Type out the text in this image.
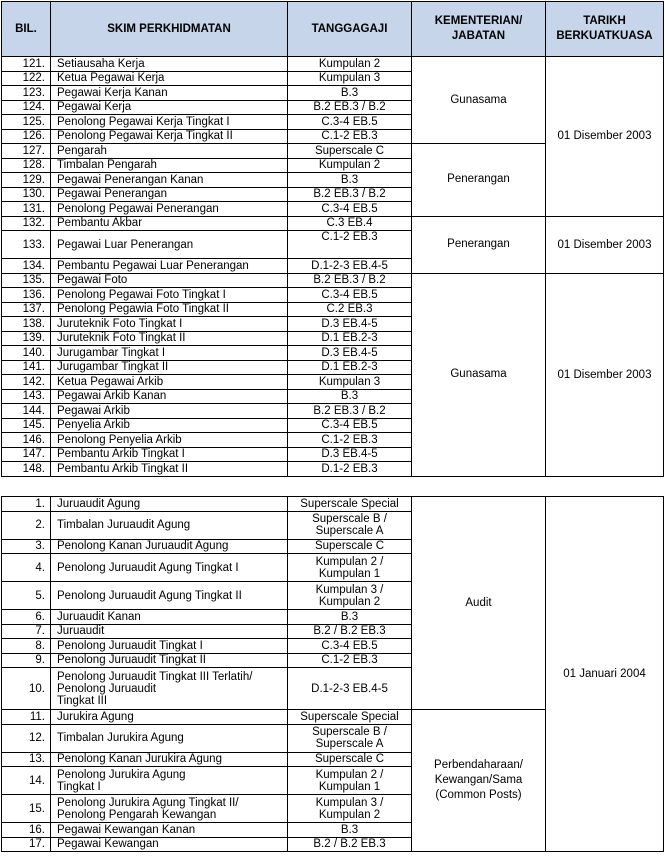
BIL.	SKIM PERKHIDMATAN	TANGGAGAJI	KEMENTERIAN/
JABATAN	TARIKH
BERKUATKUASA
121.	Setiausaha Kerja	Kumpulan 2	Gunasama	01 Disember 2003
122.	Ketua Pegawai Kerja	Kumpulan 3		
123.	Pegawai Kerja Kanan	B.3		
124.	Pegawai Kerja	B.2 EB.3 / B.2		
125.	Penolong Pegawai Kerja Tingkat I	C.3-4 EB.5		
126.	Penolong Pegawai Kerja Tingkat II	C.1-2 EB.3		
127.	Pengarah	Superscale C	Penerangan	
128.	Timbalan Pengarah	Kumpulan 2		
129.	Pegawai Penerangan Kanan	B.3		
130.	Pegawai Penerangan	B.2 EB.3 / B.2		
131.	Penolong Pegawai Penerangan	C.3-4 EB.5		
132.	Pembantu Akbar	C.3 EB.4	Penerangan	01 Disember 2003
133.	Pegawai Luar Penerangan	C.1-2 EB.3		
134.	Pembantu Pegawai Luar Penerangan	D.1-2-3 EB.4-5		
135.	Pegawai Foto	B.2 EB.3 / B.2	Gunasama	01 Disember 2003
136.	Penolong Pegawai Foto Tingkat I	C.3-4 EB.5		
137.	Penolong Pegawia Foto Tingkat II	C.2 EB.3		
138.	Juruteknik Foto Tingkat I	D.3 EB.4-5		
139.	Juruteknik Foto Tingkat II	D.1 EB.2-3		
140.	Jurugambar Tingkat I	D.3 EB.4-5		
141.	Jurugambar Tingkat II	D.1 EB.2-3		
142.	Ketua Pegawai Arkib	Kumpulan 3		
143.	Pegawai Arkib Kanan	B.3		
144.	Pegawai Arkib	B.2 EB.3 / B.2		
145.	Penyelia Arkib	C.3-4 EB.5		
146.	Penolong Penyelia Arkib	C.1-2 EB.3		
147.	Pembantu Arkib Tingkat I	D.3 EB.4-5		
148.	Pembantu Arkib Tingkat II	D.1-2 EB.3		
1.	Juruaudit Agung	Superscale Special	Audit	01 Januari 2004
2.	Timbalan Juruaudit Agung	Superscale B /
Superscale A		
3.	Penolong Kanan Juruaudit Agung	Superscale C		
4.	Penolong Juruaudit Agung Tingkat I	Kumpulan 2 /
Kumpulan 1		
5.	Penolong Juruaudit Agung Tingkat II	Kumpulan 3 /
Kumpulan 2		
6.	Juruaudit Kanan	B.3		
7.	Juruaudit	B.2 / B.2 EB.3		
8.	Penolong Juruaudit Tingkat I	C.3-4 EB.5		
9.	Penolong Juruaudit Tingkat II	C.1-2 EB.3		
10.	Penolong Juruaudit Tingkat III Terlatih/
Penolong Juruaudit
Tingkat III	D.1-2-3 EB.4-5		
11.	Jurukira Agung	Superscale Special	Perbendaharaan/
Kewangan/Sama
(Common Posts)	
12.	Timbalan Jurukira Agung	Superscale B /
Superscale A		
13.	Penolong Kanan Jurukira Agung	Superscale C		
14.	Penolong Jurukira Agung
Tingkat I	Kumpulan 2 /
Kumpulan 1		
15.	Penolong Jurukira Agung Tingkat II/
Penolong Pengarah Kewangan	Kumpulan 3 /
Kumpulan 2		
16.	Pegawai Kewangan Kanan	B.3		
17.	Pegawai Kewangan	B.2 / B.2 EB.3		
